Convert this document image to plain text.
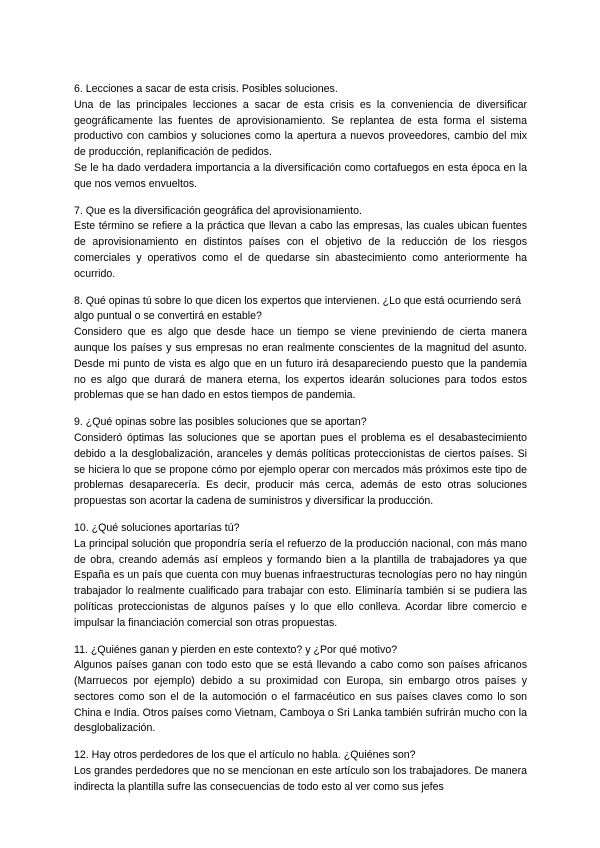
6. Lecciones a sacar de esta crisis. Posibles soluciones.

Una de las principales lecciones a sacar de esta crisis es la conveniencia de diversificar geográficamente las fuentes de aprovisionamiento. Se replantea de esta forma el sistema productivo con cambios y soluciones como la apertura a nuevos proveedores, cambio del mix de producción, replanificación de pedidos.

Se le ha dado verdadera importancia a la diversificación como cortafuegos en esta época en la que nos vemos envueltos.

7. Que es la diversificación geográfica del aprovisionamiento.

Este término se refiere a la práctica que llevan a cabo las empresas, las cuales ubican fuentes de aprovisionamiento en distintos países con el objetivo de la reducción de los riesgos comerciales y operativos como el de quedarse sin abastecimiento como anteriormente ha ocurrido.

8. Qué opinas tú sobre lo que dicen los expertos que intervienen. ¿Lo que está ocurriendo será algo puntual o se convertirá en estable?

Considero que es algo que desde hace un tiempo se viene previniendo de cierta manera aunque los países y sus empresas no eran realmente conscientes de la magnitud del asunto. Desde mi punto de vista es algo que en un futuro irá desapareciendo puesto que la pandemia no es algo que durará de manera eterna, los expertos idearán soluciones para todos estos problemas que se han dado en estos tiempos de pandemia.

9. ¿Qué opinas sobre las posibles soluciones que se aportan?

Consideró óptimas las soluciones que se aportan pues el problema es el desabastecimiento debido a la desglobalización, aranceles y demás políticas proteccionistas de ciertos países. Si se hiciera lo que se propone cómo por ejemplo operar con mercados más próximos este tipo de problemas desaparecería. Es decir, producir más cerca, además de esto otras soluciones propuestas son acortar la cadena de suministros y diversificar la producción.

10. ¿Qué soluciones aportarías tú?

La principal solución que propondría sería el refuerzo de la producción nacional, con más mano de obra, creando además así empleos y formando bien a la plantilla de trabajadores ya que España es un país que cuenta con muy buenas infraestructuras tecnologías pero no hay ningún trabajador lo realmente cualificado para trabajar con esto. Eliminaría también si se pudiera las políticas proteccionistas de algunos países y lo que ello conlleva. Acordar libre comercio e impulsar la financiación comercial son otras propuestas.

11. ¿Quiénes ganan y pierden en este contexto? y ¿Por qué motivo?

Algunos países ganan con todo esto que se está llevando a cabo como son países africanos (Marruecos por ejemplo) debido a su proximidad con Europa, sin embargo otros países y sectores como son el de la automoción o el farmacéutico en sus países claves como lo son China e India. Otros países como Vietnam, Camboya o Sri Lanka también sufrirán mucho con la desglobalización.

12. Hay otros perdedores de los que el artículo no habla. ¿Quiénes son?

Los grandes perdedores que no se mencionan en este artículo son los trabajadores. De manera indirecta la plantilla sufre las consecuencias de todo esto al ver como sus jefes
